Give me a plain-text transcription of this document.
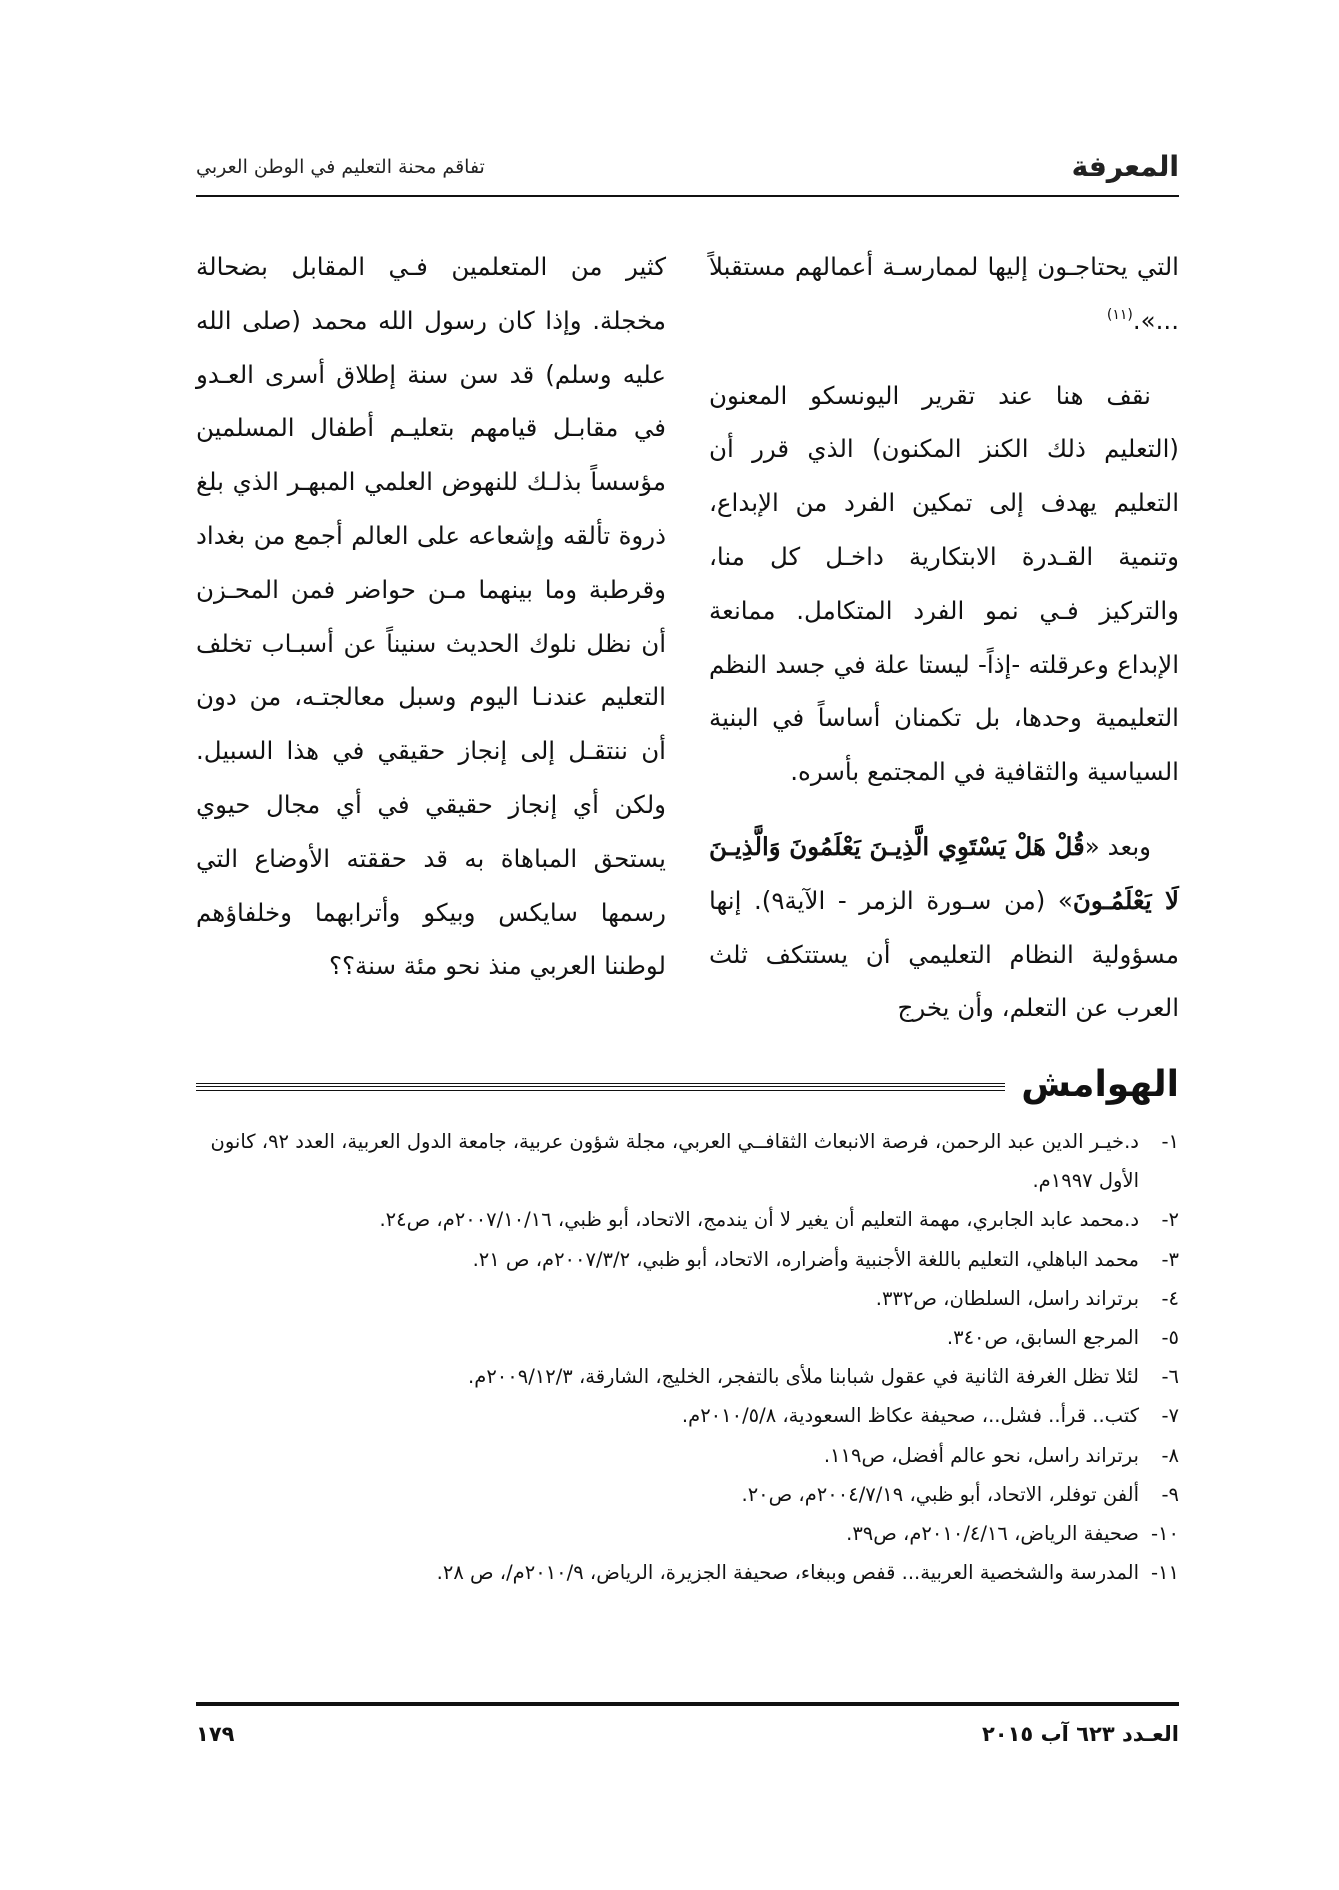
المعرفة
تفاقم محنة التعليم في الوطن العربي

التي يحتاجـون إليها لممارسـة أعمالهم مستقبلاً ...».$^{(١١)}$

نقف هنا عند تقرير اليونسكو المعنون (التعليم ذلك الكنز المكنون) الذي قرر أن التعليم يهدف إلى تمكين الفرد من الإبداع، وتنمية القـدرة الابتكارية داخـل كل منا، والتركيز فـي نمو الفرد المتكامل. ممانعة الإبداع وعرقلته -إذاً- ليستا علة في جسد النظم التعليمية وحدها، بل تكمنان أساساً في البنية السياسية والثقافية في المجتمع بأسره.

وبعد «قُلْ هَلْ يَسْتَوِي الَّذِيـنَ يَعْلَمُونَ وَالَّذِيـنَ لَا يَعْلَمُـونَ» (من سـورة الزمر - الآية٩). إنها مسؤولية النظام التعليمي أن يستتكف ثلث العرب عن التعلم، وأن يخرج

كثير من المتعلمين فـي المقابل بضحالة مخجلة. وإذا كان رسول الله محمد (صلى الله عليه وسلم) قد سن سنة إطلاق أسرى العـدو في مقابـل قيامهم بتعليـم أطفال المسلمين مؤسساً بذلـك للنهوض العلمي المبهـر الذي بلغ ذروة تألقه وإشعاعه على العالم أجمع من بغداد وقرطبة وما بينهما مـن حواضر فمن المحـزن أن نظل نلوك الحديث سنيناً عن أسبـاب تخلف التعليم عندنـا اليوم وسبل معالجتـه، من دون أن ننتقـل إلى إنجاز حقيقي في هذا السبيل. ولكن أي إنجاز حقيقي في أي مجال حيوي يستحق المباهاة به قد حققته الأوضاع التي رسمها سايكس وبيكو وأترابهما وخلفاؤهم لوطننا العربي منذ نحو مئة سنة؟؟

الهوامش
١-
د.خيـر الدين عبد الرحمن، فرصة الانبعاث الثقافــي العربي، مجلة شؤون عربية، جامعة الدول العربية، العدد ٩٢، كانون الأول ١٩٩٧م.
٢-
د.محمد عابد الجابري، مهمة التعليم أن يغير لا أن يندمج، الاتحاد، أبو ظبي، ٢٠٠٧/١٠/١٦م، ص٢٤.
٣-
محمد الباهلي، التعليم باللغة الأجنبية وأضراره، الاتحاد، أبو ظبي، ٢٠٠٧/٣/٢م، ص ٢١.
٤-
برتراند راسل، السلطان، ص٣٣٢.
٥-
المرجع السابق، ص٣٤٠.
٦-
لئلا تظل الغرفة الثانية في عقول شبابنا ملأى بالتفجر، الخليج، الشارقة، ٢٠٠٩/١٢/٣م.
٧-
كتب.. قرأ.. فشل..، صحيفة عكاظ السعودية، ٢٠١٠/٥/٨م.
٨-
برتراند راسل، نحو عالم أفضل، ص١١٩.
٩-
ألفن توفلر، الاتحاد، أبو ظبي، ٢٠٠٤/٧/١٩م، ص٢٠.
١٠-
صحيفة الرياض، ٢٠١٠/٤/١٦م، ص٣٩.
١١-
المدرسة والشخصية العربية... قفص وببغاء، صحيفة الجزيرة، الرياض، ٢٠١٠/٩م/، ص ٢٨.
العـدد ٦٢٣ آب ٢٠١٥
١٧٩
